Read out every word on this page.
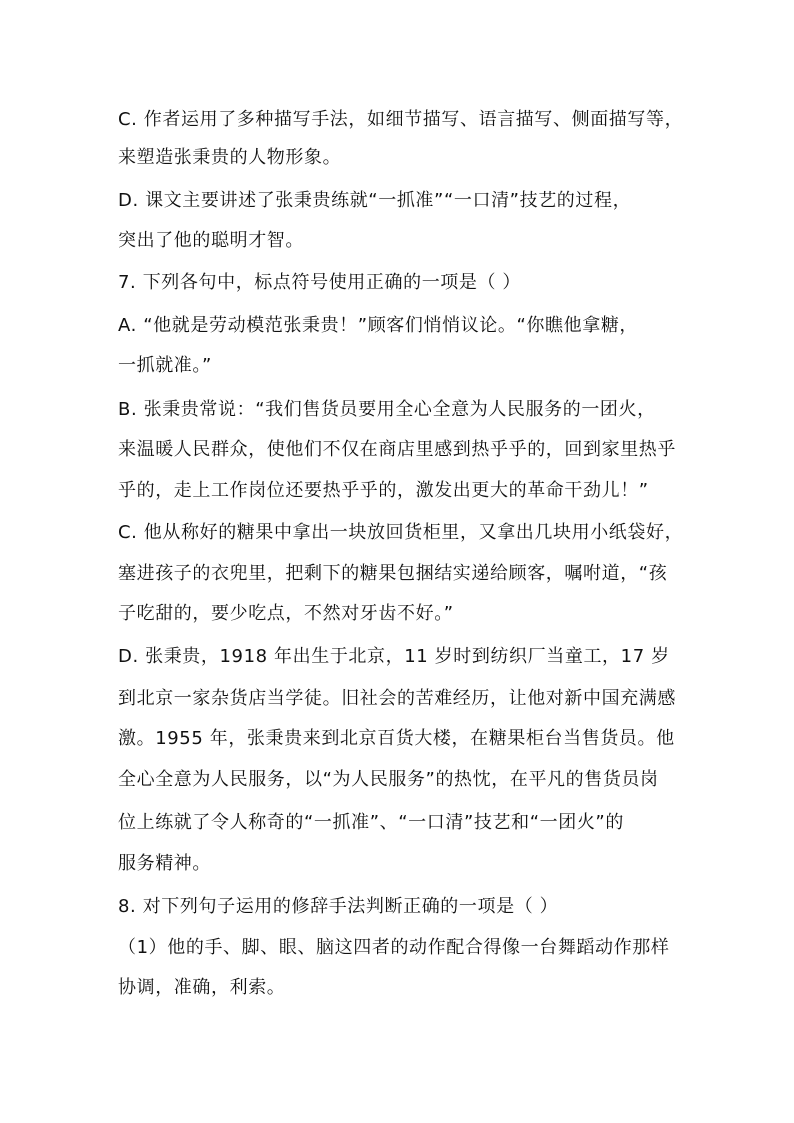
C. 作者运用了多种描写手法，如细节描写、语言描写、侧面描写等，
来塑造张秉贵的人物形象。
D. 课文主要讲述了张秉贵练就“一抓准”“一口清”技艺的过程，
突出了他的聪明才智。
7. 下列各句中，标点符号使用正确的一项是（ ）
A. “他就是劳动模范张秉贵！”顾客们悄悄议论。“你瞧他拿糖，
一抓就准。”
B. 张秉贵常说：“我们售货员要用全心全意为人民服务的一团火，
来温暖人民群众，使他们不仅在商店里感到热乎乎的，回到家里热乎
乎的，走上工作岗位还要热乎乎的，激发出更大的革命干劲儿！”
C. 他从称好的糖果中拿出一块放回货柜里，又拿出几块用小纸袋好，
塞进孩子的衣兜里，把剩下的糖果包捆结实递给顾客，嘱咐道，“孩
子吃甜的，要少吃点，不然对牙齿不好。”
D. 张秉贵，1918 年出生于北京，11 岁时到纺织厂当童工，17 岁
到北京一家杂货店当学徒。旧社会的苦难经历，让他对新中国充满感
激。1955 年，张秉贵来到北京百货大楼，在糖果柜台当售货员。他
全心全意为人民服务，以“为人民服务”的热忱，在平凡的售货员岗
位上练就了令人称奇的“一抓准”、“一口清”技艺和“一团火”的
服务精神。
8. 对下列句子运用的修辞手法判断正确的一项是（ ）
（1）他的手、脚、眼、脑这四者的动作配合得像一台舞蹈动作那样
协调，准确，利索。
